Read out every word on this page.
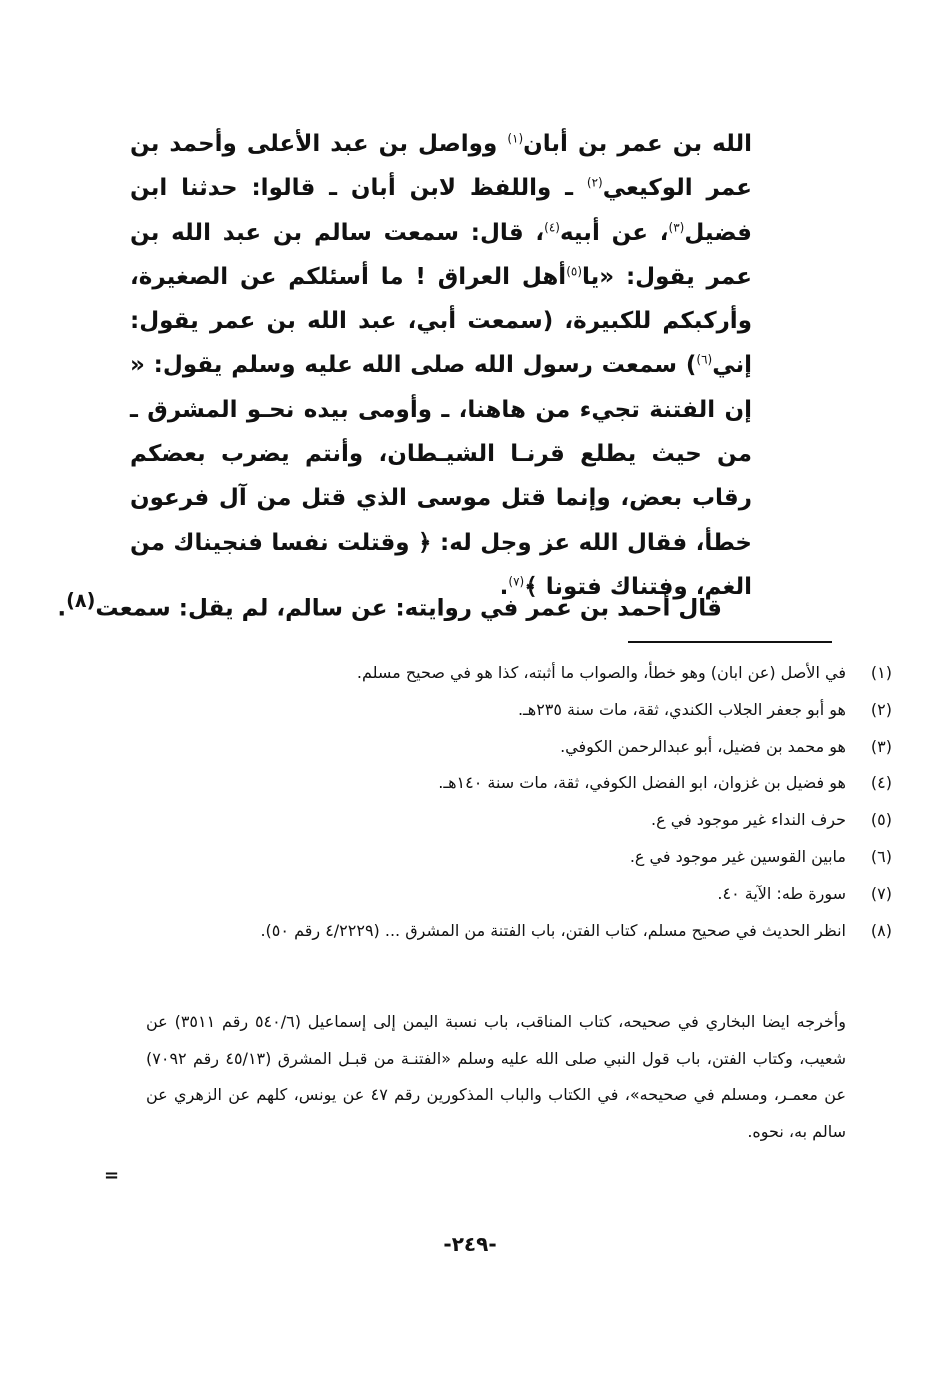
الله بن عمر بن أبان$^{(١)}$ وواصل بن عبد الأعلى وأحمد بن عمر الوكيعي$^{(٢)}$ ـ واللفظ لابن أبان ـ قالوا: حدثنا ابن فضيل$^{(٣)}$، عن أبيه$^{(٤)}$، قال: سمعت سالم بن عبد الله بن عمر يقول: «يا$^{(٥)}$أهل العراق ! ما أسئلكم عن الصغيرة، وأركبكم للكبيرة، (سمعت أبي، عبد الله بن عمر يقول: إني$^{(٦)}$) سمعت رسول الله صلى الله عليه وسلم يقول: « إن الفتنة تجيء من هاهنا، ـ وأومى بيده نحـو المشرق ـ من حيث يطلع قرنـا الشيـطان، وأنتم يضرب بعضكم رقاب بعض، وإنما قتل موسى الذي قتل من آل فرعون خطأ، فقال الله عز وجل له: ﴿ وقتلت نفسا فنجيناك من الغم، وفتناك فتونا ﴾$^{(٧)}$.

قال أحمد بن عمر في روايته: عن سالم، لم يقل: سمعت$^{(٨)}$.

(١)
في الأصل (عن ابان) وهو خطأ، والصواب ما أثبته، كذا هو في صحيح مسلم.
(٢)
هو أبو جعفر الجلاب الكندي، ثقة، مات سنة ٢٣٥هـ.
(٣)
هو محمد بن فضيل، أبو عبدالرحمن الكوفي.
(٤)
هو فضيل بن غزوان، ابو الفضل الكوفي، ثقة، مات سنة ١٤٠هـ.
(٥)
حرف النداء غير موجود في ع.
(٦)
مابين القوسين غير موجود في ع.
(٧)
سورة طه: الآية ٤٠.
(٨)
انظر الحديث في صحيح مسلم، كتاب الفتن، باب الفتنة من المشرق ... (٤/٢٢٢٩ رقم ٥٠).

وأخرجه ايضا البخاري في صحيحه، كتاب المناقب، باب نسبة اليمن إلى إسماعيل (٥٤٠/٦ رقم ٣٥١١) عن شعيب، وكتاب الفتن، باب قول النبي صلى الله عليه وسلم «الفتنـة من قبـل المشرق (٤٥/١٣ رقم ٧٠٩٢) عن معمـر، ومسلم في صحيحه»، في الكتاب والباب المذكورين رقم ٤٧ عن يونس، كلهم عن الزهري عن سالم به، نحوه.

=
-٢٤٩-
